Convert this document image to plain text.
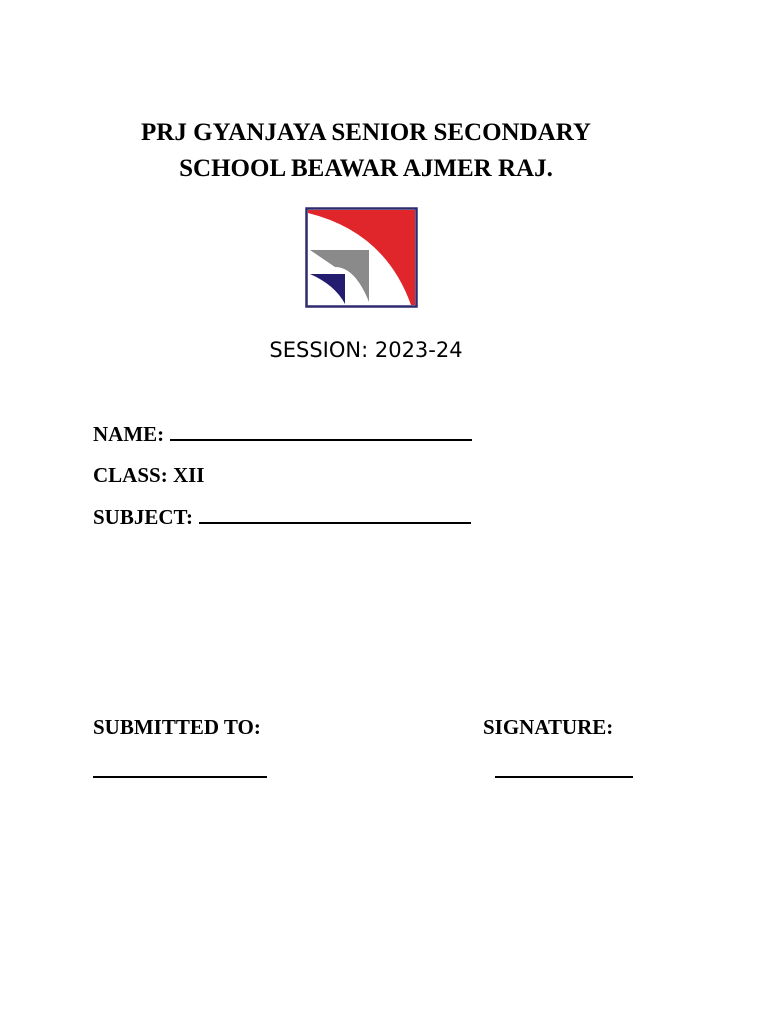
PRJ GYANJAYA SENIOR SECONDARY
SCHOOL BEAWAR AJMER RAJ.
SESSION: 2023-24
NAME:
CLASS: XII
SUBJECT:
SUBMITTED TO:	SIGNATURE:
